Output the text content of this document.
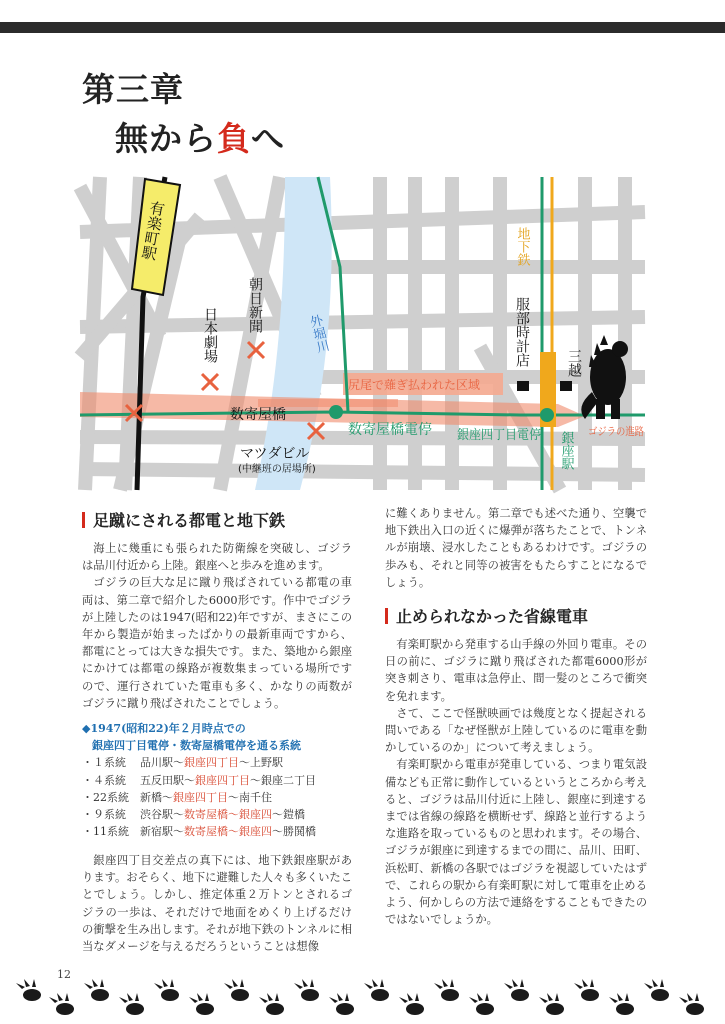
第三章
無から負へ
有楽町駅
日本劇場
朝日新聞
外堀川
地下鉄
服部時計店	三越
銀座駅
数寄屋橋
マツダビル
(中継班の居場所)
数寄屋橋電停 銀座四丁目電停
尻尾で薙ぎ払われた区域
ゴジラの進路
足蹴にされる都電と地下鉄

海上に幾重にも張られた防衛線を突破し、ゴジラは品川付近から上陸。銀座へと歩みを進めます。

ゴジラの巨大な足に蹴り飛ばされている都電の車両は、第二章で紹介した6000形です。作中でゴジラが上陸したのは1947(昭和22)年ですが、まさにこの年から製造が始まったばかりの最新車両ですから、都電にとっては大きな損失です。また、築地から銀座にかけては都電の線路が複数集まっている場所ですので、運行されていた電車も多く、かなりの両数がゴジラに蹴り飛ばされたことでしょう。

◆1947(昭和22)年２月時点での
銀座四丁目電停・数寄屋橋電停を通る系統
・１系統	品川駅〜 銀座四丁目 〜上野駅
・４系統	五反田駅〜 銀座四丁目 〜銀座二丁目
・22系統	新橋〜 銀座四丁目 〜南千住
・９系統	渋谷駅〜 数寄屋橋〜銀座四 〜鎧橋
・11系統	新宿駅〜 数寄屋橋〜銀座四 〜勝鬨橋

銀座四丁目交差点の真下には、地下鉄銀座駅があります。おそらく、地下に避難した人々も多くいたことでしょう。しかし、推定体重２万トンとされるゴジラの一歩は、それだけで地面をめくり上げるだけの衝撃を生み出します。それが地下鉄のトンネルに相当なダメージを与えるだろうということは想像

に難くありません。第二章でも述べた通り、空襲で地下鉄出入口の近くに爆弾が落ちたことで、トンネルが崩壊、浸水したこともあるわけです。ゴジラの歩みも、それと同等の被害をもたらすことになるでしょう。

止められなかった省線電車

有楽町駅から発車する山手線の外回り電車。その日の前に、ゴジラに蹴り飛ばされた都電6000形が突き刺さり、電車は急停止、間一髪のところで衝突を免れます。

さて、ここで怪獣映画では幾度となく提起される問いである「なぜ怪獣が上陸しているのに電車を動かしているのか」について考えましょう。

有楽町駅から電車が発車している、つまり電気設備なども正常に動作しているというところから考えると、ゴジラは品川付近に上陸し、銀座に到達するまでは省線の線路を横断せず、線路と並行するような進路を取っているものと思われます。その場合、ゴジラが銀座に到達するまでの間に、品川、田町、浜松町、新橋の各駅ではゴジラを視認していたはずで、これらの駅から有楽町駅に対して電車を止めるよう、何かしらの方法で連絡をすることもできたのではないでしょうか。

12
